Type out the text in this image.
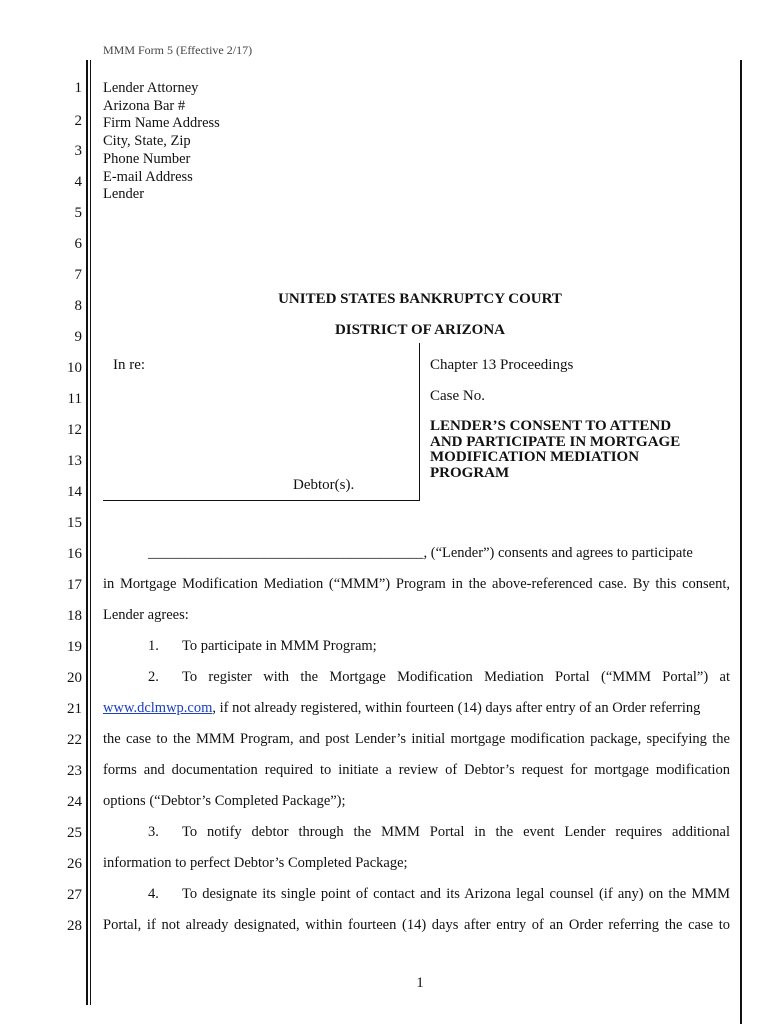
MMM Form 5 (Effective 2/17)
1
2
3
4
5
6
7
8
9
10
11
12
13
14
15
16
17
18
19
20
21
22
23
24
25
26
27
28
Lender Attorney
Arizona Bar #
Firm Name Address
City, State, Zip
Phone Number
E-mail Address
Lender
UNITED STATES BANKRUPTCY COURT
DISTRICT OF ARIZONA
In re:
Debtor(s).
Chapter 13 Proceedings
Case No.
LENDER’S CONSENT TO ATTEND
AND PARTICIPATE IN MORTGAGE
MODIFICATION MEDIATION
PROGRAM
______________________________________, (“Lender”) consents and agrees to participate
in Mortgage Modification Mediation (“MMM”) Program in the above-referenced case. By this consent,
Lender agrees:
1. To participate in MMM Program;
2. To register with the Mortgage Modification Mediation Portal (“MMM Portal”) at
www.dclmwp.com, if not already registered, within fourteen (14) days after entry of an Order referring
the case to the MMM Program, and post Lender’s initial mortgage modification package, specifying the
forms and documentation required to initiate a review of Debtor’s request for mortgage modification
options (“Debtor’s Completed Package”);
3. To notify debtor through the MMM Portal in the event Lender requires additional
information to perfect Debtor’s Completed Package;
4. To designate its single point of contact and its Arizona legal counsel (if any) on the MMM
Portal, if not already designated, within fourteen (14) days after entry of an Order referring the case to
1
